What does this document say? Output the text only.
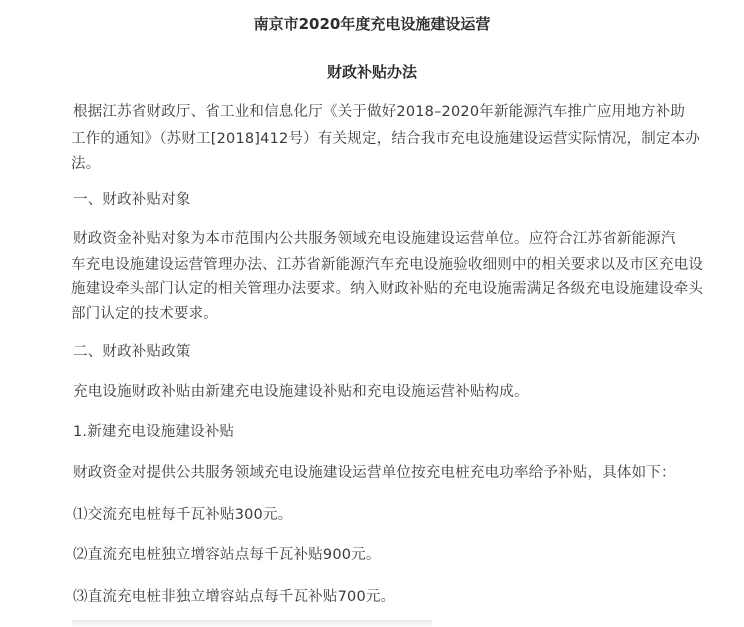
南京市2020年度充电设施建设运营
财政补贴办法
根据江苏省财政厅、省工业和信息化厅《关于做好2018–2020年新能源汽车推广应用地方补助
工作的通知》（苏财工[2018]412号）有关规定，结合我市充电设施建设运营实际情况，制定本办
法。
一、财政补贴对象
财政资金补贴对象为本市范围内公共服务领域充电设施建设运营单位。应符合江苏省新能源汽
车充电设施建设运营管理办法、江苏省新能源汽车充电设施验收细则中的相关要求以及市区充电设
施建设牵头部门认定的相关管理办法要求。纳入财政补贴的充电设施需满足各级充电设施建设牵头
部门认定的技术要求。
二、财政补贴政策
充电设施财政补贴由新建充电设施建设补贴和充电设施运营补贴构成。
1.新建充电设施建设补贴
财政资金对提供公共服务领域充电设施建设运营单位按充电桩充电功率给予补贴，具体如下：
⑴交流充电桩每千瓦补贴300元。
⑵直流充电桩独立增容站点每千瓦补贴900元。
⑶直流充电桩非独立增容站点每千瓦补贴700元。
